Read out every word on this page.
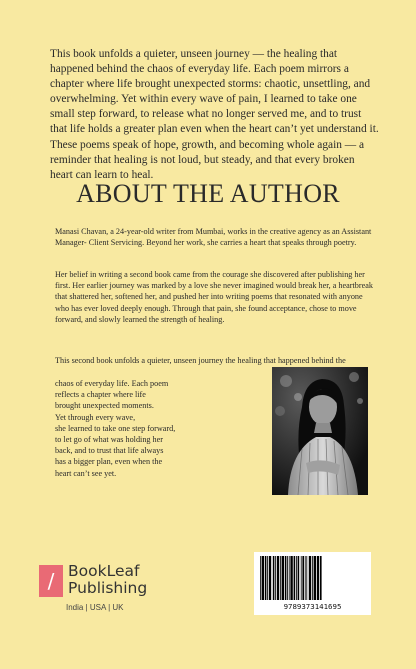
This book unfolds a quieter, unseen journey — the healing that happened behind the chaos of everyday life. Each poem mirrors a chapter where life brought unexpected storms: chaotic, unsettling, and overwhelming. Yet within every wave of pain, I learned to take one small step forward, to release what no longer served me, and to trust that life holds a greater plan even when the heart can’t yet understand it. These poems speak of hope, growth, and becoming whole again — a reminder that healing is not loud, but steady, and that every broken heart can learn to heal.

ABOUT THE AUTHOR

Manasi Chavan, a 24-year-old writer from Mumbai, works in the creative agency as an Assistant Manager- Client Servicing. Beyond her work, she carries a heart that speaks through poetry.

Her belief in writing a second book came from the courage she discovered after publishing her first. Her earlier journey was marked by a love she never imagined would break her, a heartbreak that shattered her, softened her, and pushed her into writing poems that resonated with anyone who has ever loved deeply enough. Through that pain, she found acceptance, chose to move forward, and slowly learned the strength of healing.

This second book unfolds a quieter, unseen journey the healing that happened behind the

chaos of everyday life. Each poem
reflects a chapter where life
brought unexpected moments.
Yet through every wave,
she learned to take one step forward,
to let go of what was holding her
back, and to trust that life always
has a bigger plan, even when the
heart can’t see yet.
/ BookLeaf
Publishing
India | USA | UK	9789373141695
